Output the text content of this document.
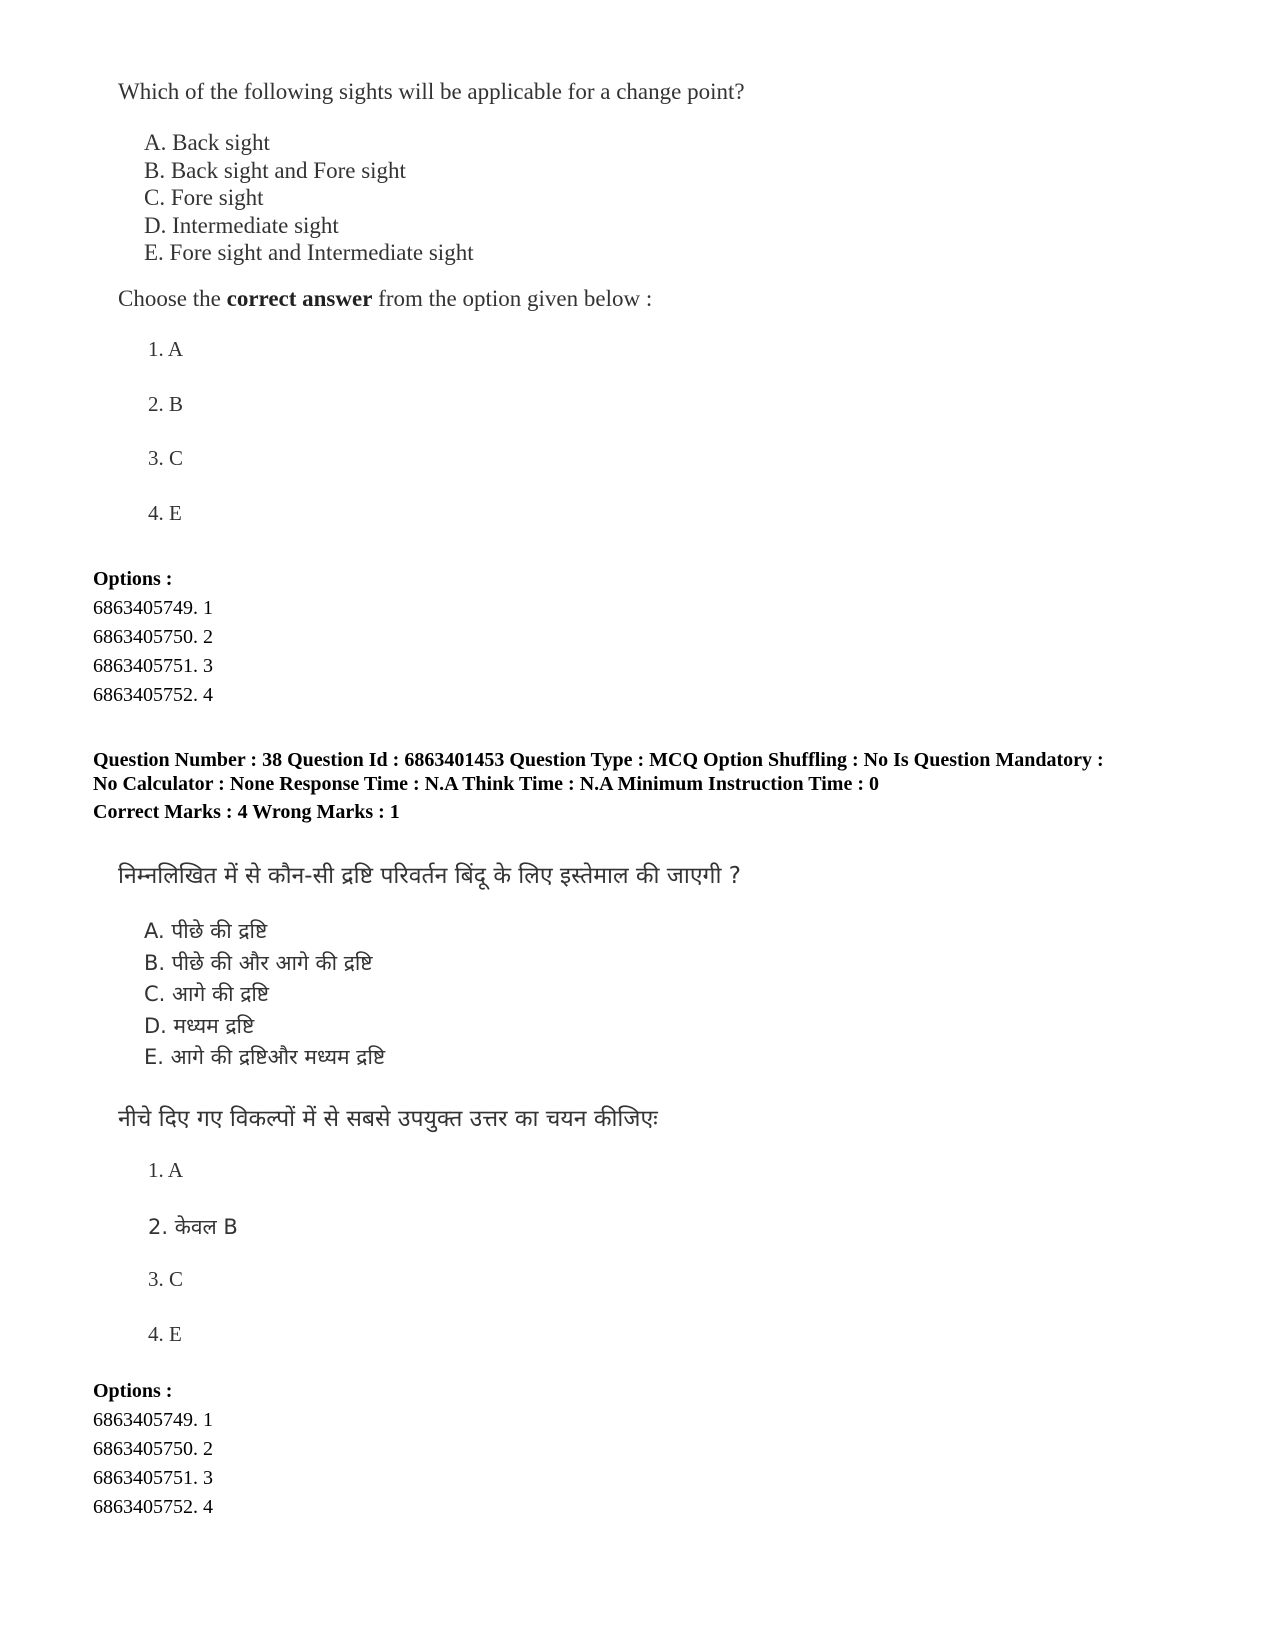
Which of the following sights will be applicable for a change point?
A. Back sight
B. Back sight and Fore sight
C. Fore sight
D. Intermediate sight
E. Fore sight and Intermediate sight
Choose the correct answer from the option given below :
1. A
2. B
3. C
4. E
Options :
6863405749. 1
6863405750. 2
6863405751. 3
6863405752. 4
Question Number : 38 Question Id : 6863401453 Question Type : MCQ Option Shuffling : No Is Question Mandatory :
No Calculator : None Response Time : N.A Think Time : N.A Minimum Instruction Time : 0
Correct Marks : 4 Wrong Marks : 1
निम्नलिखित में से कौन-सी द्रष्टि परिवर्तन बिंदू के लिए इस्तेमाल की जाएगी ?
A. पीछे की द्रष्टि
B. पीछे की और आगे की द्रष्टि
C. आगे की द्रष्टि
D. मध्यम द्रष्टि
E. आगे की द्रष्टिऔर मध्यम द्रष्टि
नीचे दिए गए विकल्पों में से सबसे उपयुक्त उत्तर का चयन कीजिएः
1. A
2. केवल B
3. C
4. E
Options :
6863405749. 1
6863405750. 2
6863405751. 3
6863405752. 4
